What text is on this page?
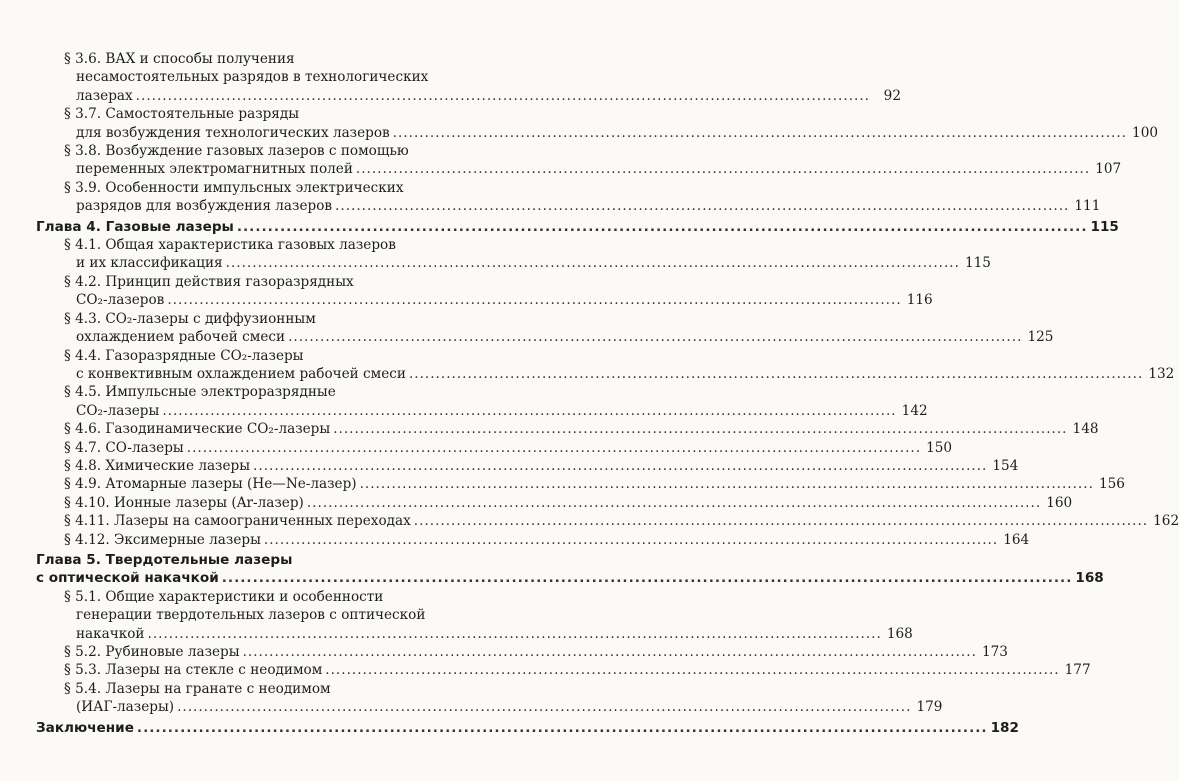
§ 3.6. ВАХ и способы получения
несамостоятельных разрядов в технологических
лазерах ..........................................................................................................................................	92
§ 3.7. Самостоятельные разряды
для возбуждения технологических лазеров .......................................................................................................................................... 100
§ 3.8. Возбуждение газовых лазеров с помощью
переменных электромагнитных полей .......................................................................................................................................... 107
§ 3.9. Особенности импульсных электрических
разрядов для возбуждения лазеров .......................................................................................................................................... 111
Глава 4. Газовые лазеры .......................................................................................................................................... 115
§ 4.1. Общая характеристика газовых лазеров
и их классификация .......................................................................................................................................... 115
§ 4.2. Принцип действия газоразрядных
CO₂-лазеров .......................................................................................................................................... 116
§ 4.3. CO₂-лазеры с диффузионным
охлаждением рабочей смеси .......................................................................................................................................... 125
§ 4.4. Газоразрядные CO₂-лазеры
с конвективным охлаждением рабочей смеси .......................................................................................................................................... 132
§ 4.5. Импульсные электроразрядные
CO₂-лазеры .......................................................................................................................................... 142
§ 4.6. Газодинамические CO₂-лазеры .......................................................................................................................................... 148
§ 4.7. CO-лазеры .......................................................................................................................................... 150
§ 4.8. Химические лазеры .......................................................................................................................................... 154
§ 4.9. Атомарные лазеры (He—Ne-лазер) .......................................................................................................................................... 156
§ 4.10. Ионные лазеры (Ar-лазер) .......................................................................................................................................... 160
§ 4.11. Лазеры на самоограниченных переходах .......................................................................................................................................... 162
§ 4.12. Эксимерные лазеры .......................................................................................................................................... 164
Глава 5. Твердотельные лазеры
с оптической накачкой .......................................................................................................................................... 168
§ 5.1. Общие характеристики и особенности
генерации твердотельных лазеров с оптической
накачкой .......................................................................................................................................... 168
§ 5.2. Рубиновые лазеры .......................................................................................................................................... 173
§ 5.3. Лазеры на стекле с неодимом .......................................................................................................................................... 177
§ 5.4. Лазеры на гранате с неодимом
(ИАГ-лазеры) .......................................................................................................................................... 179
Заключение .......................................................................................................................................... 182
